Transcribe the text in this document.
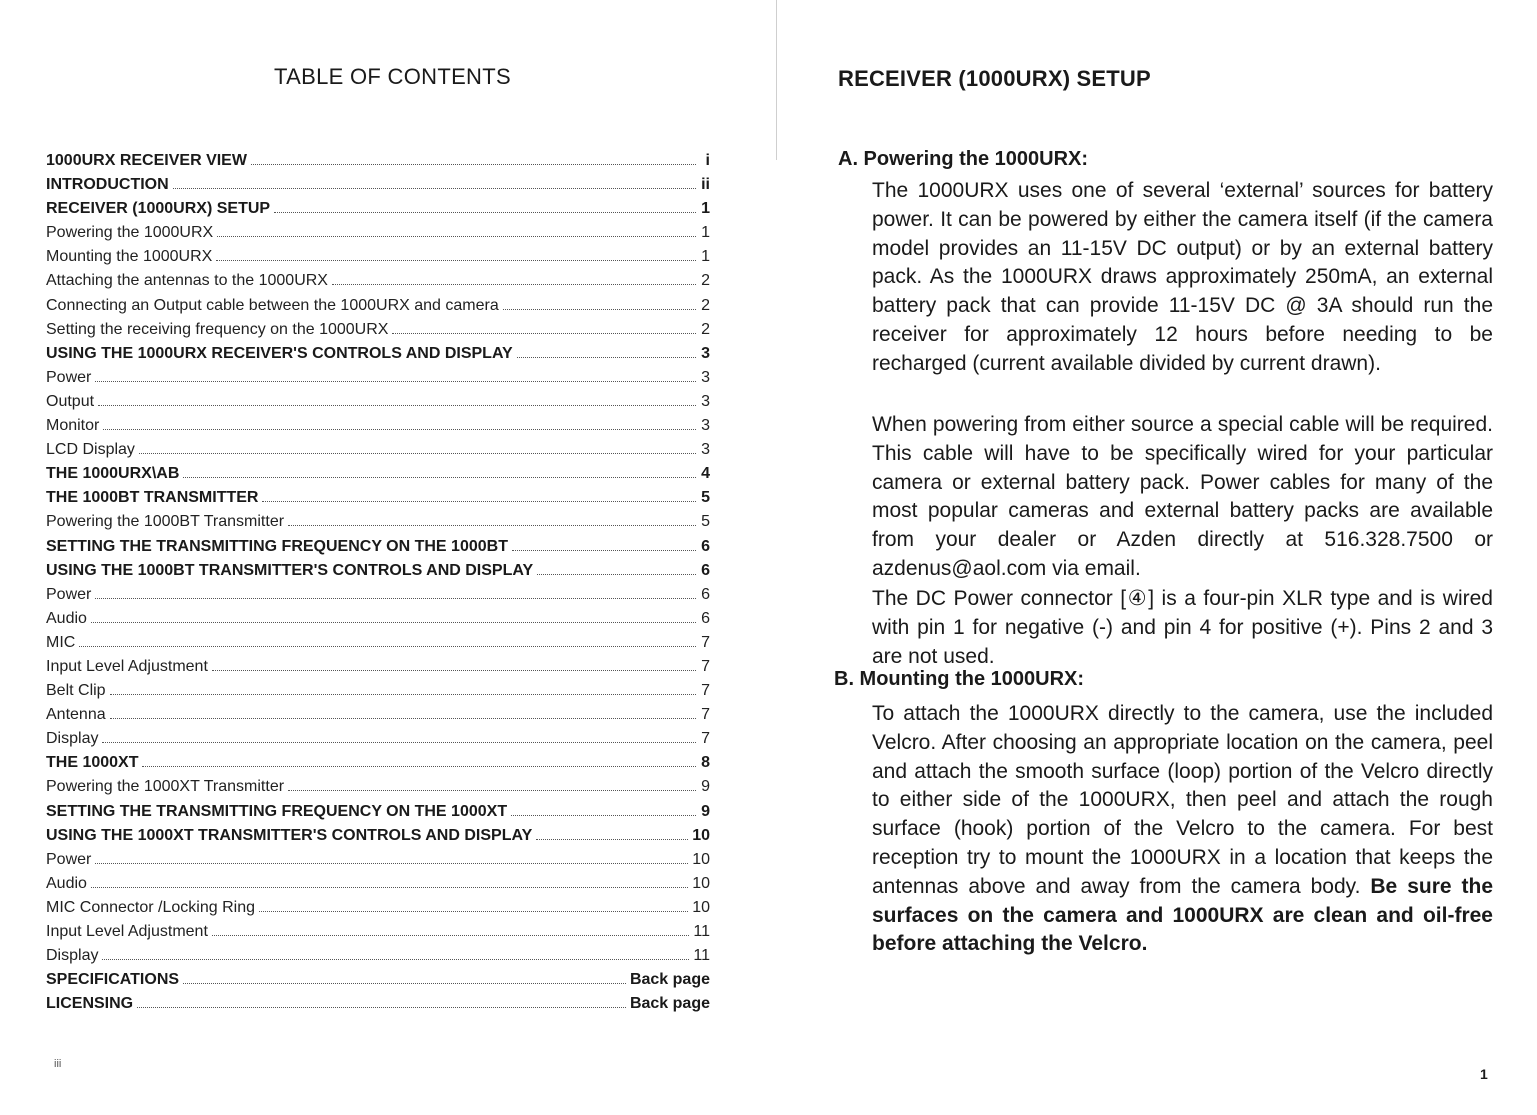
TABLE OF CONTENTS
1000URX RECEIVER VIEW	i
INTRODUCTION	ii
RECEIVER (1000URX) SETUP	1
Powering the 1000URX	1
Mounting the 1000URX	1
Attaching the antennas to the 1000URX	2
Connecting an Output cable between the 1000URX and camera	2
Setting the receiving frequency on the 1000URX	2
USING THE 1000URX RECEIVER'S CONTROLS AND DISPLAY	3
Power	3
Output	3
Monitor	3
LCD Display	3
THE 1000URX\AB	4
THE 1000BT TRANSMITTER	5
Powering the 1000BT Transmitter	5
SETTING THE TRANSMITTING FREQUENCY ON THE 1000BT	6
USING THE 1000BT TRANSMITTER'S CONTROLS AND DISPLAY	6
Power	6
Audio	6
MIC	7
Input Level Adjustment	7
Belt Clip	7
Antenna	7
Display	7
THE 1000XT	8
Powering the 1000XT Transmitter	9
SETTING THE TRANSMITTING FREQUENCY ON THE 1000XT	9
USING THE 1000XT TRANSMITTER'S CONTROLS AND DISPLAY	10
Power	10
Audio	10
MIC Connector /Locking Ring	10
Input Level Adjustment	11
Display	11
SPECIFICATIONS	Back page
LICENSING	Back page
iii
RECEIVER (1000URX) SETUP
A. Powering the 1000URX:
The 1000URX uses one of several ‘external’ sources for battery power. It can be powered by either the camera itself (if the camera model provides an 11-15V DC output) or by an external battery pack. As the 1000URX draws approximately 250mA, an external battery pack that can provide 11-15V DC @ 3A should run the receiver for approximately 12 hours before needing to be recharged (current available divided by current drawn).
When powering from either source a special cable will be required. This cable will have to be specifically wired for your particular camera or external battery pack. Power cables for many of the most popular cameras and external battery packs are available from your dealer or Azden directly at 516.328.7500 or azdenus@aol.com via email.
The DC Power connector [④] is a four-pin XLR type and is wired with pin 1 for negative (-) and pin 4 for positive (+). Pins 2 and 3 are not used.
B. Mounting the 1000URX:
To attach the 1000URX directly to the camera, use the included Velcro. After choosing an appropriate location on the camera, peel and attach the smooth surface (loop) portion of the Velcro directly to either side of the 1000URX, then peel and attach the rough surface (hook) portion of the Velcro to the camera. For best reception try to mount the 1000URX in a location that keeps the antennas above and away from the camera body. Be sure the surfaces on the camera and 1000URX are clean and oil-free before attaching the Velcro.
1
